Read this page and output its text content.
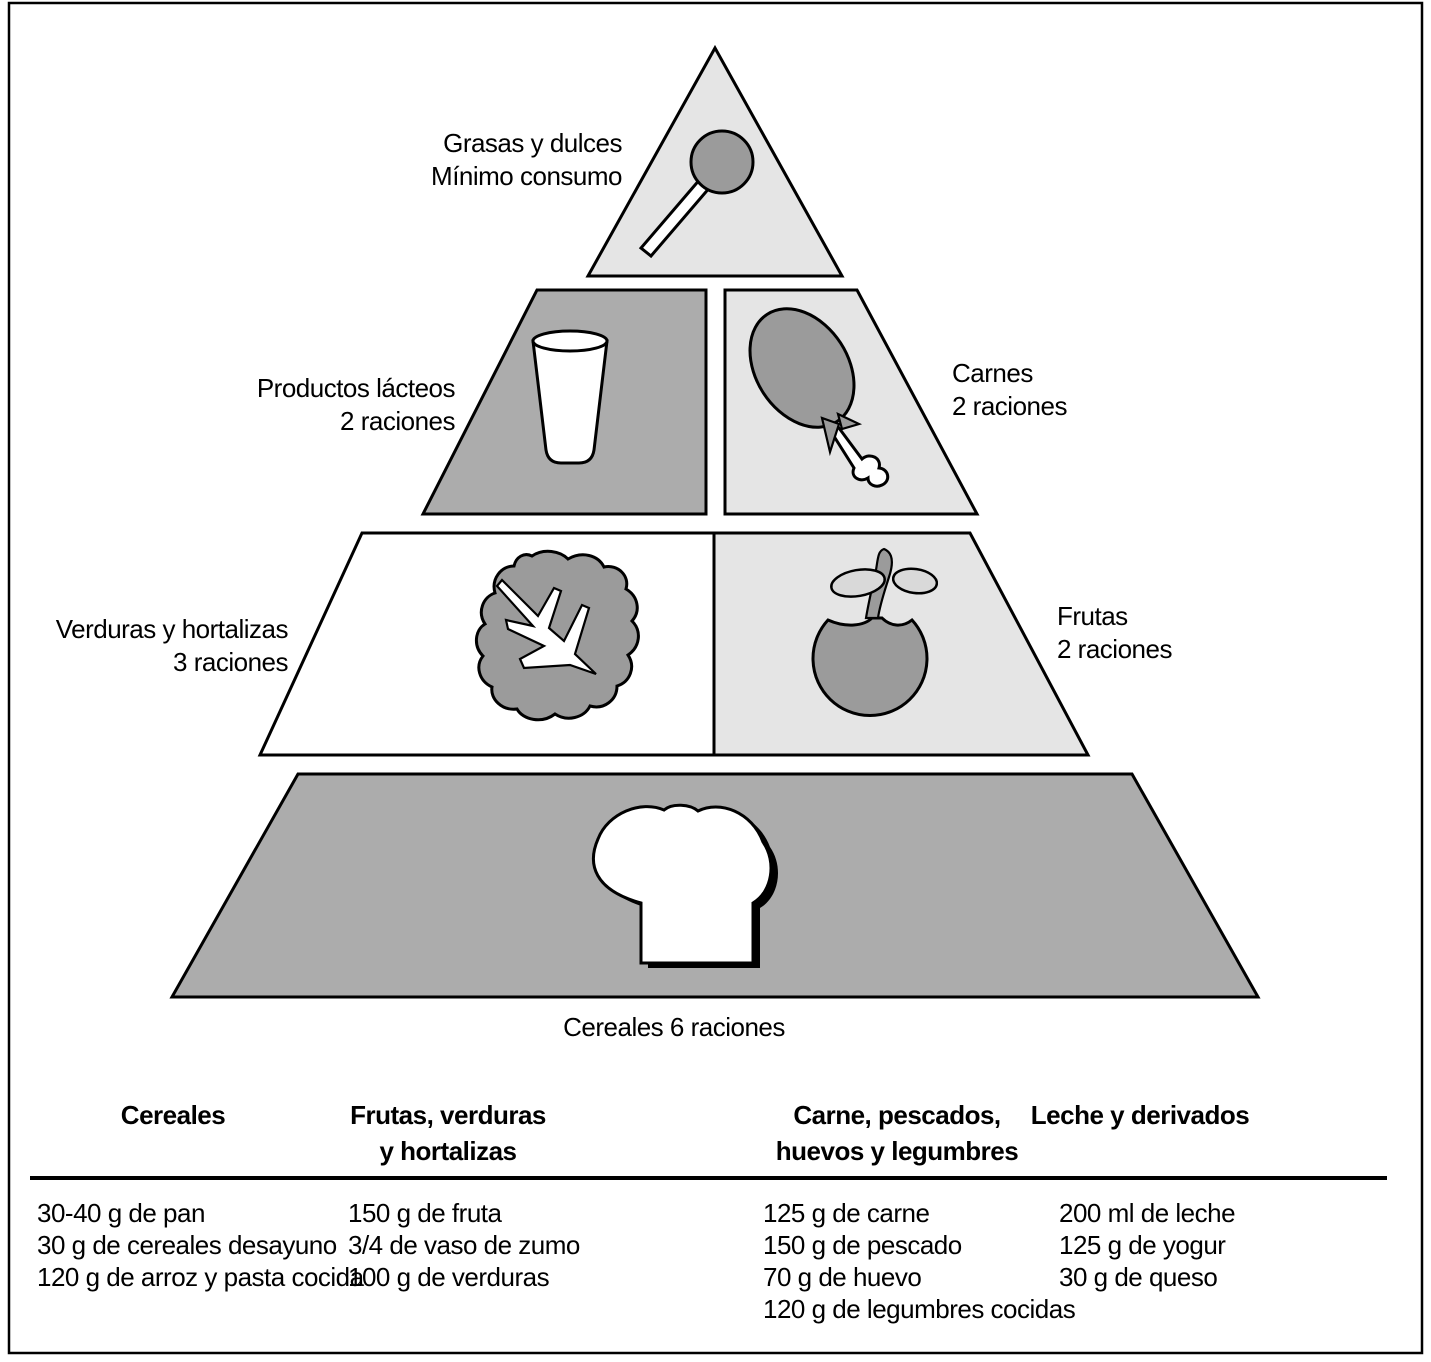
Grasas y dulces
Mínimo consumo
Productos lácteos
2 raciones
Carnes
2 raciones
Verduras y hortalizas
3 raciones
Frutas
2 raciones
Cereales 6 raciones
Cereales	Frutas, verduras
y hortalizas
Carne, pescados,
huevos y legumbres
Leche y derivados
30-40 g de pan
30 g de cereales desayuno
120 g de arroz y pasta cocida
150 g de fruta
3/4 de vaso de zumo
100 g de verduras
125 g de carne
150 g de pescado
70 g de huevo
120 g de legumbres cocidas
200 ml de leche
125 g de yogur
30 g de queso
